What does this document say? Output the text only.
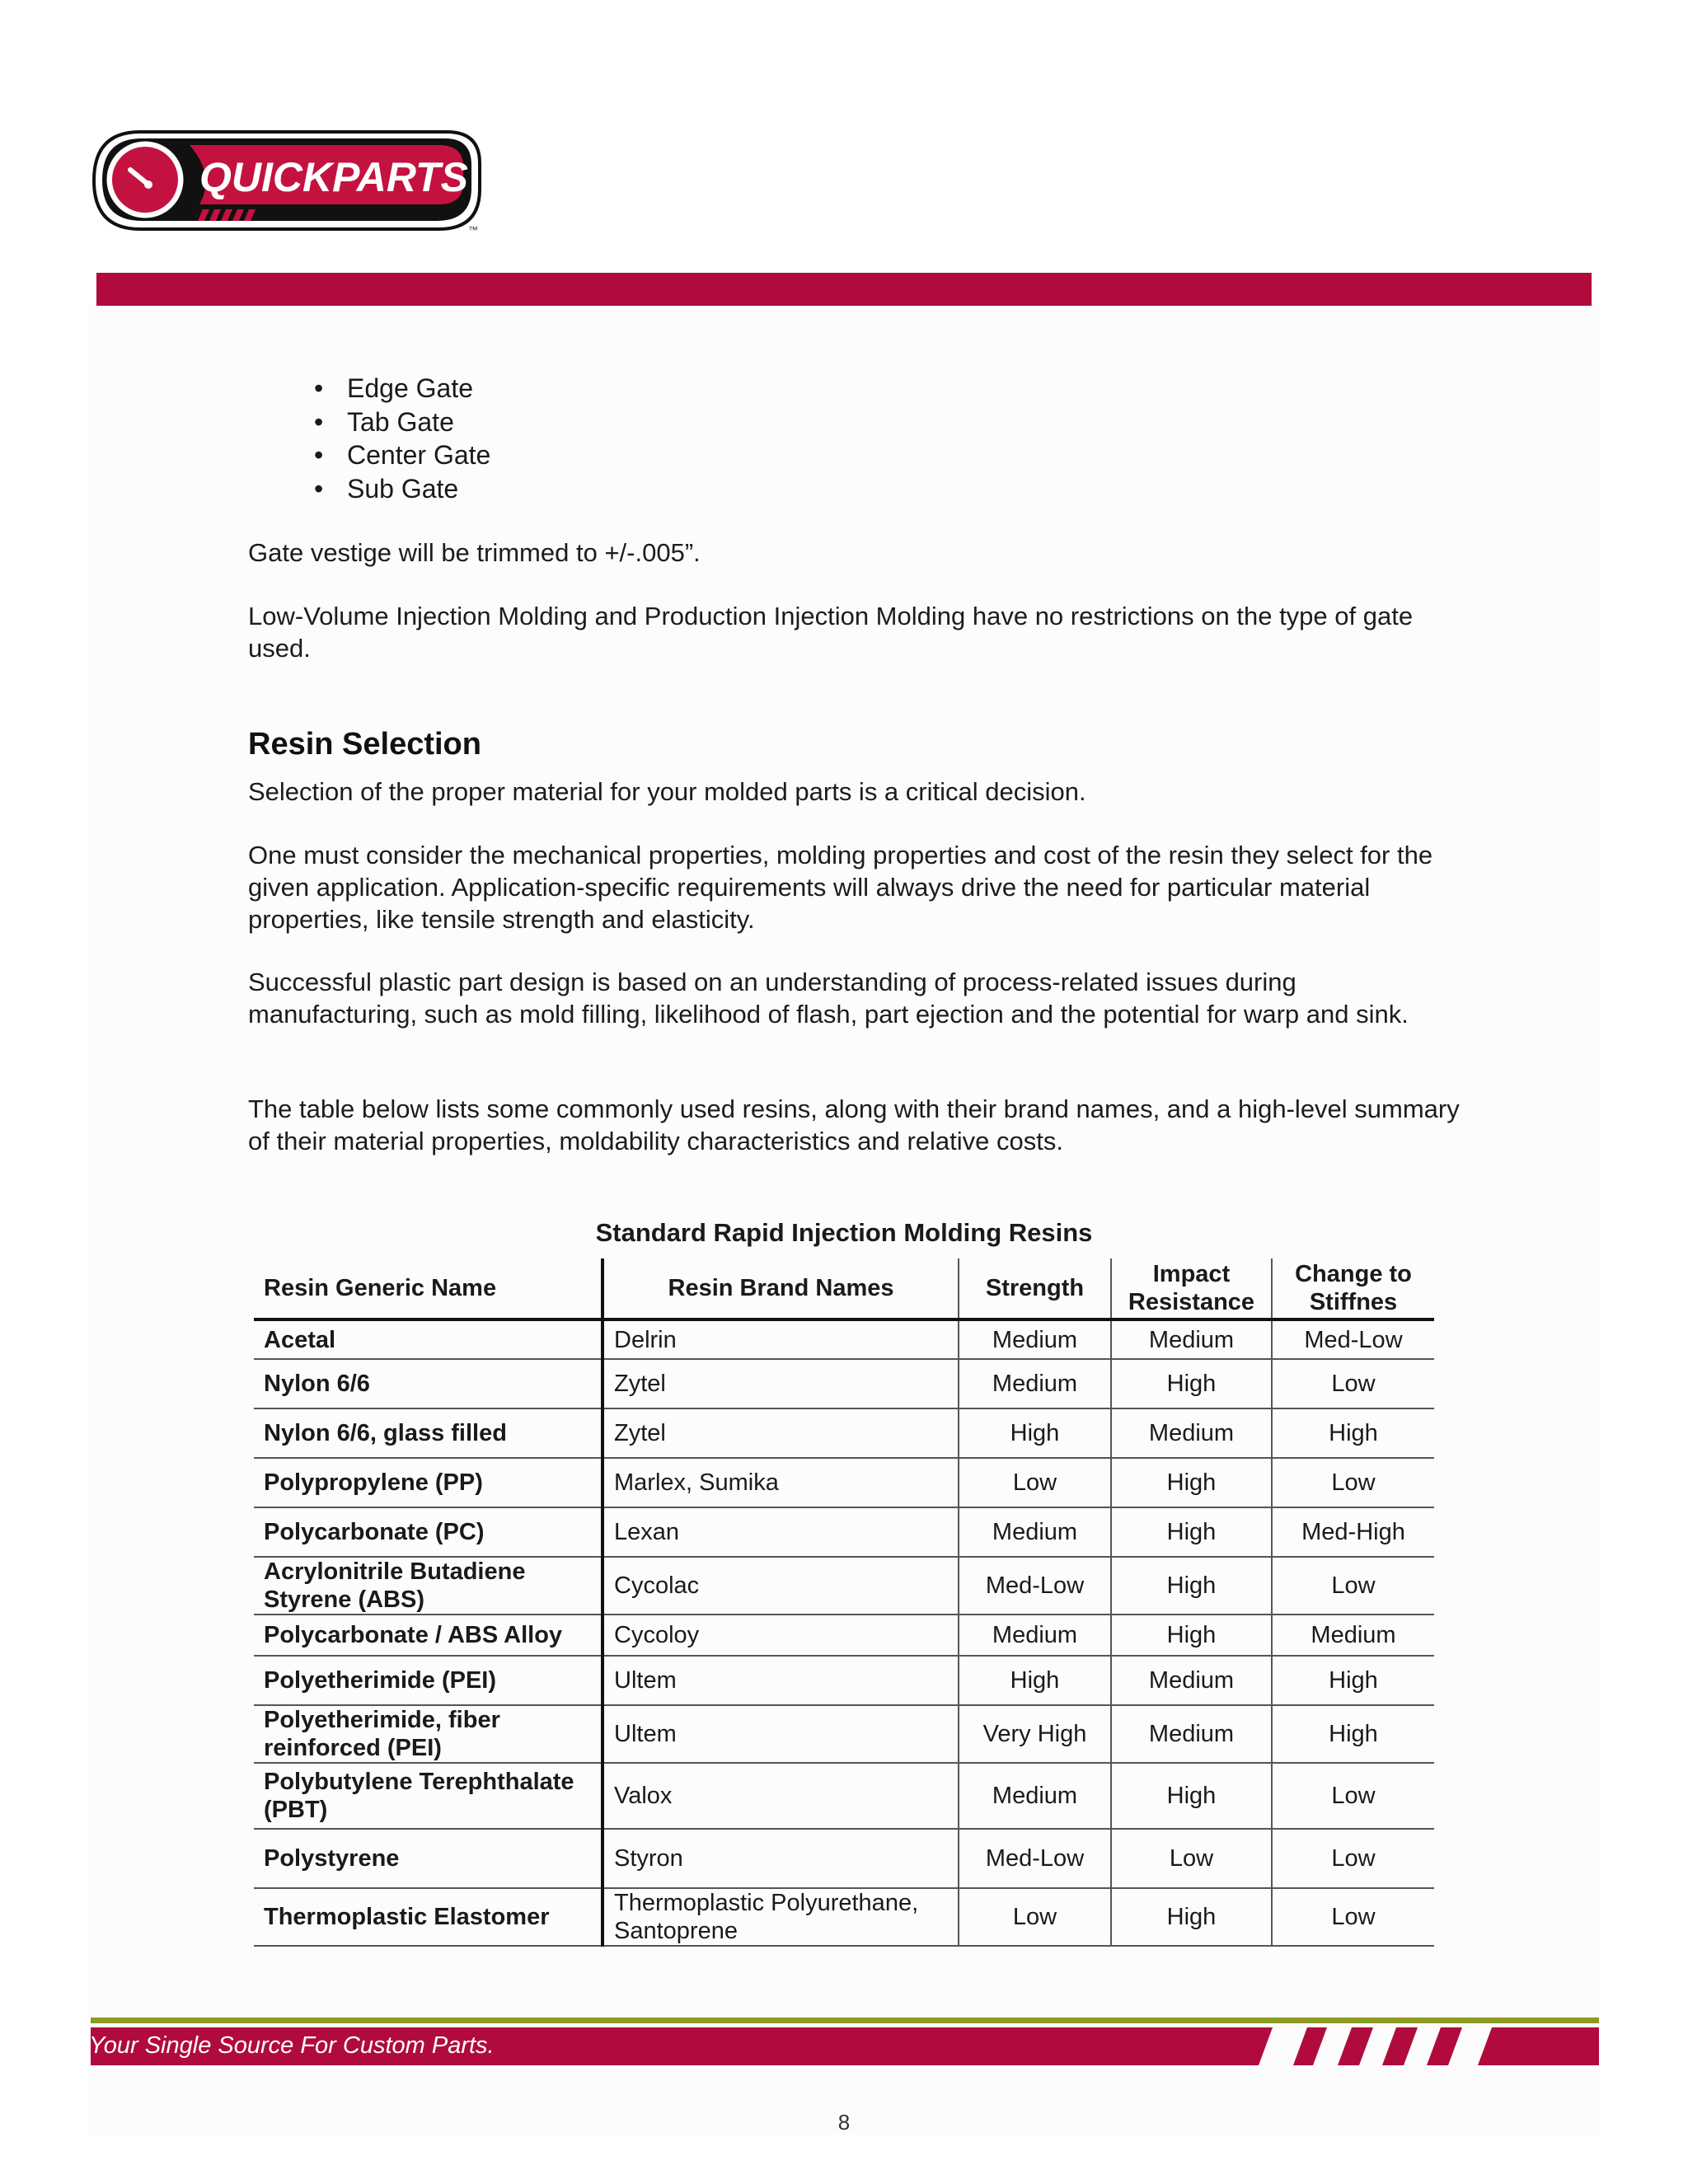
QUICKPARTS
™
• Edge Gate
• Tab Gate
• Center Gate
• Sub Gate
Gate vestige will be trimmed to +/-.005”.
Low-Volume Injection Molding and Production Injection Molding have no restrictions on the type of gate used.
Resin Selection
Selection of the proper material for your molded parts is a critical decision.
One must consider the mechanical properties, molding properties and cost of the resin they select for the given application. Application-specific requirements will always drive the need for particular material properties, like tensile strength and elasticity.
Successful plastic part design is based on an understanding of process-related issues during manufacturing, such as mold filling, likelihood of flash, part ejection and the potential for warp and sink.
The table below lists some commonly used resins, along with their brand names, and a high-level summary of their material properties, moldability characteristics and relative costs.
Standard Rapid Injection Molding Resins
Resin Generic Name	Resin Brand Names	Strength	Impact Resistance	Change to Stiffnes
Acetal	Delrin	Medium	Medium	Med-Low
Nylon 6/6	Zytel	Medium	High	Low
Nylon 6/6, glass filled	Zytel	High	Medium	High
Polypropylene (PP)	Marlex, Sumika	Low	High	Low
Polycarbonate (PC)	Lexan	Medium	High	Med-High
Acrylonitrile Butadiene Styrene (ABS)	Cycolac	Med-Low	High	Low
Polycarbonate / ABS Alloy	Cycoloy	Medium	High	Medium
Polyetherimide (PEI)	Ultem	High	Medium	High
Polyetherimide, fiber reinforced (PEI)	Ultem	Very High	Medium	High
Polybutylene Terephthalate (PBT)	Valox	Medium	High	Low
Polystyrene	Styron	Med-Low	Low	Low
Thermoplastic Elastomer	Thermoplastic Polyurethane, Santoprene	Low	High	Low
Your Single Source For Custom Parts.
8
